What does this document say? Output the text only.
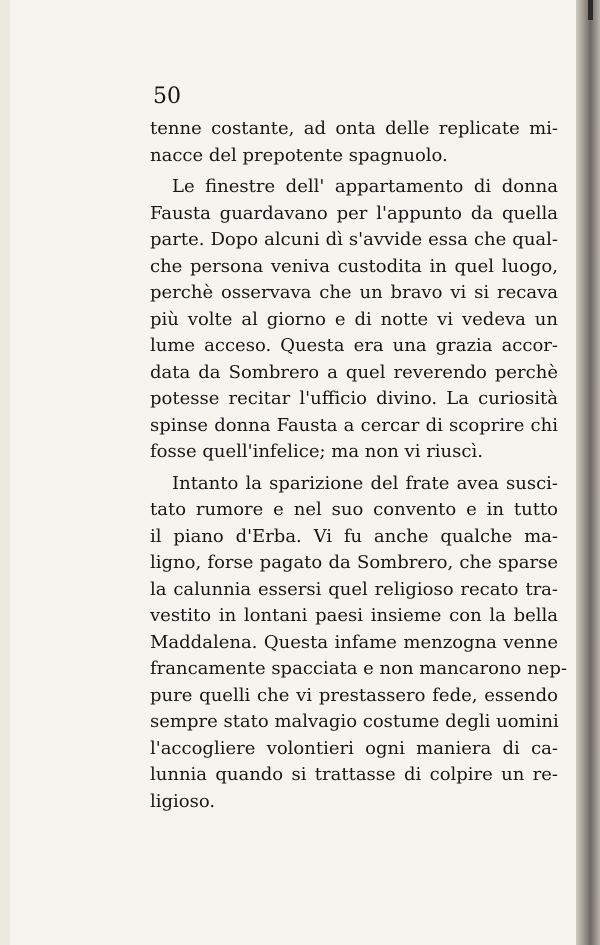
50
tenne costante, ad onta delle replicate mi-
nacce del prepotente spagnuolo.
Le finestre dell' appartamento di donna
Fausta guardavano per l'appunto da quella
parte. Dopo alcuni dì s'avvide essa che qual-
che persona veniva custodita in quel luogo,
perchè osservava che un bravo vi si recava
più volte al giorno e di notte vi vedeva un
lume acceso. Questa era una grazia accor-
data da Sombrero a quel reverendo perchè
potesse recitar l'ufficio divino. La curiosità
spinse donna Fausta a cercar di scoprire chi
fosse quell'infelice; ma non vi riuscì.
Intanto la sparizione del frate avea susci-
tato rumore e nel suo convento e in tutto
il piano d'Erba. Vi fu anche qualche ma-
ligno, forse pagato da Sombrero, che sparse
la calunnia essersi quel religioso recato tra-
vestito in lontani paesi insieme con la bella
Maddalena. Questa infame menzogna venne
francamente spacciata e non mancarono nep-
pure quelli che vi prestassero fede, essendo
sempre stato malvagio costume degli uomini
l'accogliere volontieri ogni maniera di ca-
lunnia quando si trattasse di colpire un re-
ligioso.
